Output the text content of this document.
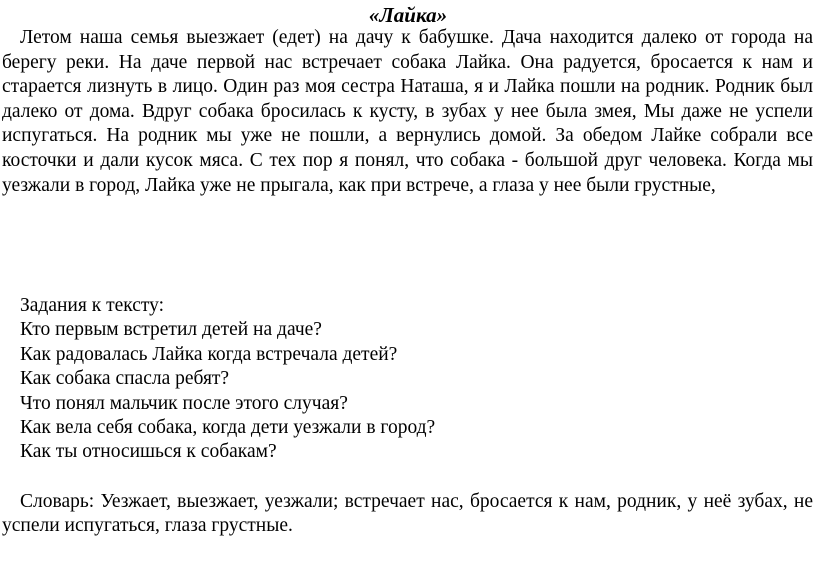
«Лайка»

Летом наша семья выезжает (едет) на дачу к бабушке. Дача находится далеко от города на берегу реки. На даче первой нас встречает собака Лайка. Она радуется, бросается к нам и старается лизнуть в лицо. Один раз моя сестра Наташа, я и Лайка пошли на родник. Родник был далеко от дома. Вдруг собака бросилась к кусту, в зубах у нее была змея, Мы даже не успели испугаться. На родник мы уже не пошли, а вернулись домой. За обедом Лайке собрали все косточки и дали кусок мяса. С тех пор я понял, что собака - большой друг человека. Когда мы уезжали в город, Лайка уже не прыгала, как при встрече, а глаза у нее были грустные,

Задания к тексту:
Кто первым встретил детей на даче?
Как радовалась Лайка когда встречала детей?
Как собака спасла ребят?
Что понял мальчик после этого случая?
Как вела себя собака, когда дети уезжали в город?
Как ты относишься к собакам?

Словарь: Уезжает, выезжает, уезжали; встречает нас, бросается к нам, родник, у неё зубах, не успели испугаться, глаза грустные.
